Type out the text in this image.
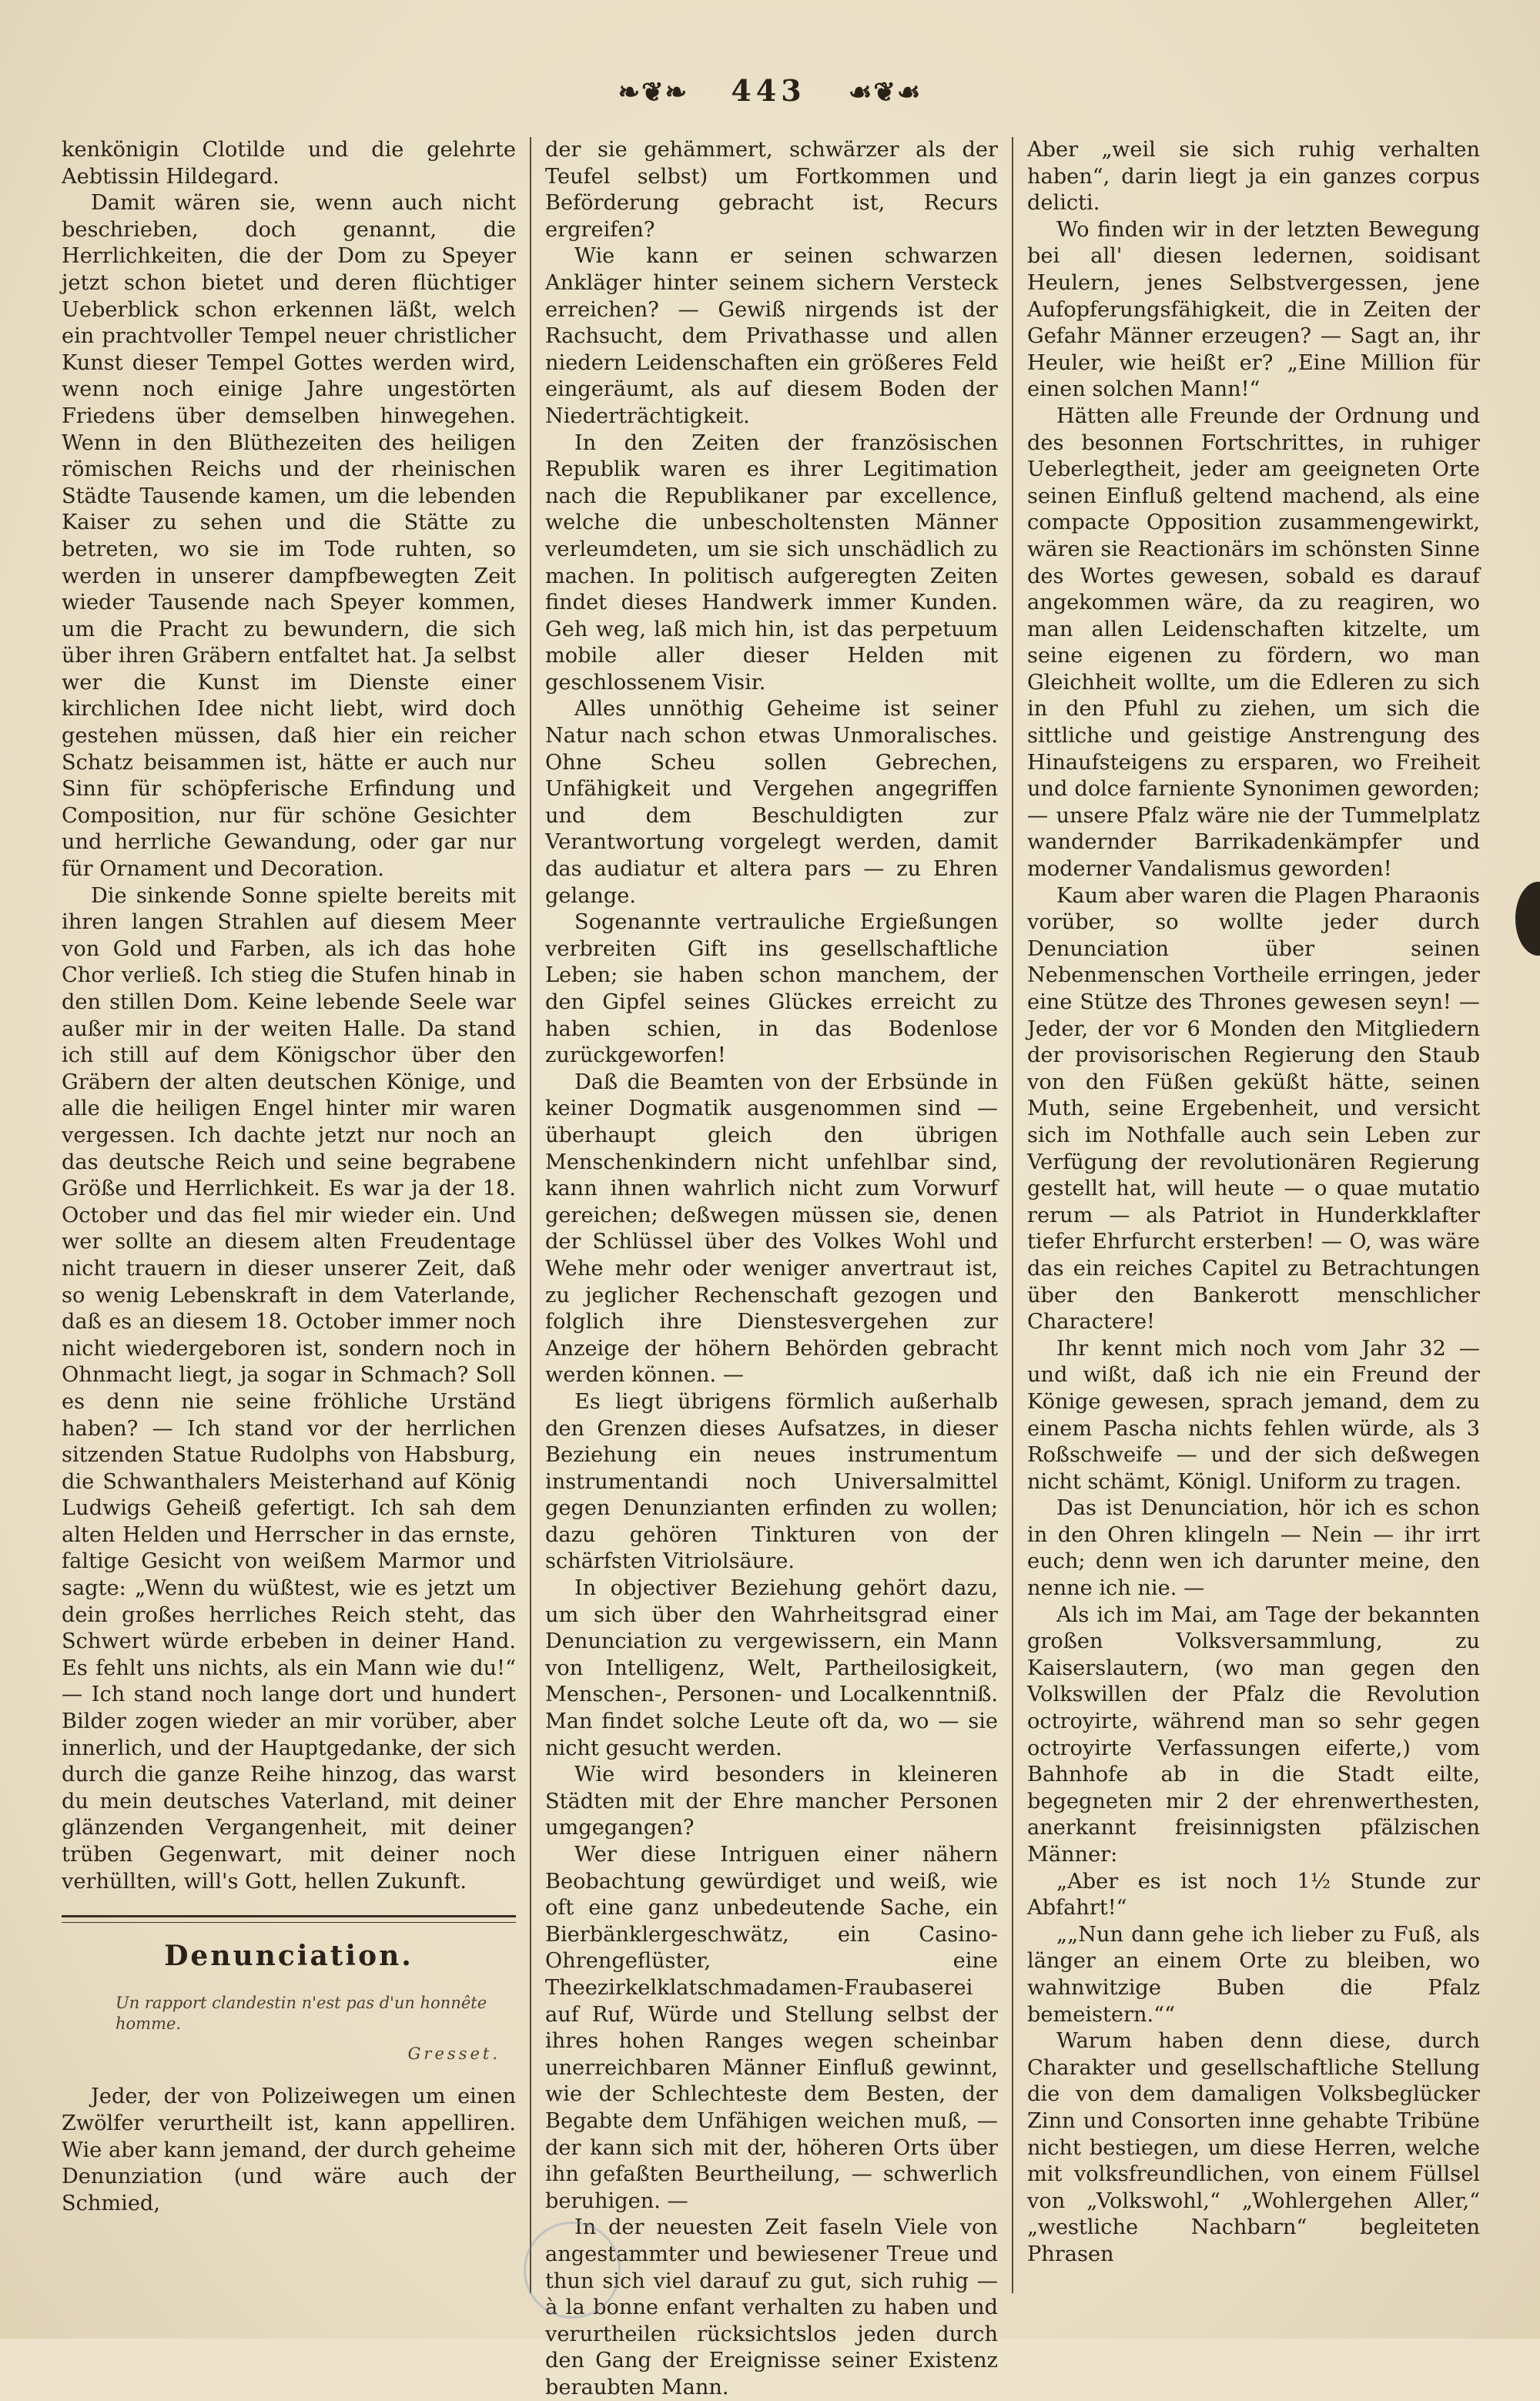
❧❦❧ 443 ☙❦☙

kenkönigin Clotilde und die gelehrte Aebtissin Hildegard.

Damit wären sie, wenn auch nicht beschrieben, doch genannt, die Herrlichkeiten, die der Dom zu Speyer jetzt schon bietet und deren flüchtiger Ueberblick schon erkennen läßt, welch ein prachtvoller Tempel neuer christlicher Kunst dieser Tempel Gottes werden wird, wenn noch einige Jahre ungestörten Friedens über demselben hinwegehen. Wenn in den Blüthezeiten des heiligen römischen Reichs und der rheinischen Städte Tausende kamen, um die lebenden Kaiser zu sehen und die Stätte zu betreten, wo sie im Tode ruhten, so werden in unserer dampfbewegten Zeit wieder Tausende nach Speyer kommen, um die Pracht zu bewundern, die sich über ihren Gräbern entfaltet hat. Ja selbst wer die Kunst im Dienste einer kirchlichen Idee nicht liebt, wird doch gestehen müssen, daß hier ein reicher Schatz beisammen ist, hätte er auch nur Sinn für schöpferische Erfindung und Composition, nur für schöne Gesichter und herrliche Gewandung, oder gar nur für Ornament und Decoration.

Die sinkende Sonne spielte bereits mit ihren langen Strahlen auf diesem Meer von Gold und Farben, als ich das hohe Chor verließ. Ich stieg die Stufen hinab in den stillen Dom. Keine lebende Seele war außer mir in der weiten Halle. Da stand ich still auf dem Königschor über den Gräbern der alten deutschen Könige, und alle die heiligen Engel hinter mir waren vergessen. Ich dachte jetzt nur noch an das deutsche Reich und seine begrabene Größe und Herrlichkeit. Es war ja der 18. October und das fiel mir wieder ein. Und wer sollte an diesem alten Freudentage nicht trauern in dieser unserer Zeit, daß so wenig Lebenskraft in dem Vaterlande, daß es an diesem 18. October immer noch nicht wiedergeboren ist, sondern noch in Ohnmacht liegt, ja sogar in Schmach? Soll es denn nie seine fröhliche Urständ haben? — Ich stand vor der herrlichen sitzenden Statue Rudolphs von Habsburg, die Schwanthalers Meisterhand auf König Ludwigs Geheiß gefertigt. Ich sah dem alten Helden und Herrscher in das ernste, faltige Gesicht von weißem Marmor und sagte: „Wenn du wüßtest, wie es jetzt um dein großes herrliches Reich steht, das Schwert würde erbeben in deiner Hand. Es fehlt uns nichts, als ein Mann wie du!“ — Ich stand noch lange dort und hundert Bilder zogen wieder an mir vorüber, aber innerlich, und der Hauptgedanke, der sich durch die ganze Reihe hinzog, das warst du mein deutsches Vaterland, mit deiner glänzenden Vergangenheit, mit deiner trüben Gegenwart, mit deiner noch verhüllten, will's Gott, hellen Zukunft.

Denunciation.
Un rapport clandestin n'est pas d'un honnête homme.
Gresset.

Jeder, der von Polizeiwegen um einen Zwölfer verurtheilt ist, kann appelliren. Wie aber kann jemand, der durch geheime Denunziation (und wäre auch der Schmied,

der sie gehämmert, schwärzer als der Teufel selbst) um Fortkommen und Beförderung gebracht ist, Recurs ergreifen?

Wie kann er seinen schwarzen Ankläger hinter seinem sichern Versteck erreichen? — Gewiß nirgends ist der Rachsucht, dem Privathasse und allen niedern Leidenschaften ein größeres Feld eingeräumt, als auf diesem Boden der Niederträchtigkeit.

In den Zeiten der französischen Republik waren es ihrer Legitimation nach die Republikaner par excellence, welche die unbescholtensten Männer verleumdeten, um sie sich unschädlich zu machen. In politisch aufgeregten Zeiten findet dieses Handwerk immer Kunden. Geh weg, laß mich hin, ist das perpetuum mobile aller dieser Helden mit geschlossenem Visir.

Alles unnöthig Geheime ist seiner Natur nach schon etwas Unmoralisches. Ohne Scheu sollen Gebrechen, Unfähigkeit und Vergehen angegriffen und dem Beschuldigten zur Verantwortung vorgelegt werden, damit das audiatur et altera pars — zu Ehren gelange.

Sogenannte vertrauliche Ergießungen verbreiten Gift ins gesellschaftliche Leben; sie haben schon manchem, der den Gipfel seines Glückes erreicht zu haben schien, in das Bodenlose zurückgeworfen!

Daß die Beamten von der Erbsünde in keiner Dogmatik ausgenommen sind — überhaupt gleich den übrigen Menschenkindern nicht unfehlbar sind, kann ihnen wahrlich nicht zum Vorwurf gereichen; deßwegen müssen sie, denen der Schlüssel über des Volkes Wohl und Wehe mehr oder weniger anvertraut ist, zu jeglicher Rechenschaft gezogen und folglich ihre Dienstesvergehen zur Anzeige der höhern Behörden gebracht werden können. —

Es liegt übrigens förmlich außerhalb den Grenzen dieses Aufsatzes, in dieser Beziehung ein neues instrumentum instrumentandi noch Universalmittel gegen Denunzianten erfinden zu wollen; dazu gehören Tinkturen von der schärfsten Vitriolsäure.

In objectiver Beziehung gehört dazu, um sich über den Wahrheitsgrad einer Denunciation zu vergewissern, ein Mann von Intelligenz, Welt, Partheilosigkeit, Menschen-, Personen- und Localkenntniß. Man findet solche Leute oft da, wo — sie nicht gesucht werden.

Wie wird besonders in kleineren Städten mit der Ehre mancher Personen umgegangen?

Wer diese Intriguen einer nähern Beobachtung gewürdiget und weiß, wie oft eine ganz unbedeutende Sache, ein Bierbänklergeschwätz, ein Casino-Ohrengeflüster, eine Theezirkelklatschmadamen-Fraubaserei auf Ruf, Würde und Stellung selbst der ihres hohen Ranges wegen scheinbar unerreichbaren Männer Einfluß gewinnt, wie der Schlechteste dem Besten, der Begabte dem Unfähigen weichen muß, — der kann sich mit der, höheren Orts über ihn gefaßten Beurtheilung, — schwerlich beruhigen. —

In der neuesten Zeit faseln Viele von angestammter und bewiesener Treue und thun sich viel darauf zu gut, sich ruhig — à la bonne enfant verhalten zu haben und verurtheilen rücksichtslos jeden durch den Gang der Ereignisse seiner Existenz beraubten Mann.

Aber „weil sie sich ruhig verhalten haben“, darin liegt ja ein ganzes corpus delicti.

Wo finden wir in der letzten Bewegung bei all' diesen ledernen, soidisant Heulern, jenes Selbstvergessen, jene Aufopferungsfähigkeit, die in Zeiten der Gefahr Männer erzeugen? — Sagt an, ihr Heuler, wie heißt er? „Eine Million für einen solchen Mann!“

Hätten alle Freunde der Ordnung und des besonnen Fortschrittes, in ruhiger Ueberlegtheit, jeder am geeigneten Orte seinen Einfluß geltend machend, als eine compacte Opposition zusammengewirkt, wären sie Reactionärs im schönsten Sinne des Wortes gewesen, sobald es darauf angekommen wäre, da zu reagiren, wo man allen Leidenschaften kitzelte, um seine eigenen zu fördern, wo man Gleichheit wollte, um die Edleren zu sich in den Pfuhl zu ziehen, um sich die sittliche und geistige Anstrengung des Hinaufsteigens zu ersparen, wo Freiheit und dolce farniente Synonimen geworden; — unsere Pfalz wäre nie der Tummelplatz wandernder Barrikadenkämpfer und moderner Vandalismus geworden!

Kaum aber waren die Plagen Pharaonis vorüber, so wollte jeder durch Denunciation über seinen Nebenmenschen Vortheile erringen, jeder eine Stütze des Thrones gewesen seyn! — Jeder, der vor 6 Monden den Mitgliedern der provisorischen Regierung den Staub von den Füßen geküßt hätte, seinen Muth, seine Ergebenheit, und versicht sich im Nothfalle auch sein Leben zur Verfügung der revolutionären Regierung gestellt hat, will heute — o quae mutatio rerum — als Patriot in Hunderkklafter tiefer Ehrfurcht ersterben! — O, was wäre das ein reiches Capitel zu Betrachtungen über den Bankerott menschlicher Charactere!

Ihr kennt mich noch vom Jahr 32 — und wißt, daß ich nie ein Freund der Könige gewesen, sprach jemand, dem zu einem Pascha nichts fehlen würde, als 3 Roßschweife — und der sich deßwegen nicht schämt, Königl. Uniform zu tragen.

Das ist Denunciation, hör ich es schon in den Ohren klingeln — Nein — ihr irrt euch; denn wen ich darunter meine, den nenne ich nie. —

Als ich im Mai, am Tage der bekannten großen Volksversammlung, zu Kaiserslautern, (wo man gegen den Volkswillen der Pfalz die Revolution octroyirte, während man so sehr gegen octroyirte Verfassungen eiferte,) vom Bahnhofe ab in die Stadt eilte, begegneten mir 2 der ehrenwerthesten, anerkannt freisinnigsten pfälzischen Männer:

„Aber es ist noch 1½ Stunde zur Abfahrt!“

„„Nun dann gehe ich lieber zu Fuß, als länger an einem Orte zu bleiben, wo wahnwitzige Buben die Pfalz bemeistern.““

Warum haben denn diese, durch Charakter und gesellschaftliche Stellung die von dem damaligen Volksbeglücker Zinn und Consorten inne gehabte Tribüne nicht bestiegen, um diese Herren, welche mit volksfreundlichen, von einem Füllsel von „Volkswohl,“ „Wohlergehen Aller,“ „westliche Nachbarn“ begleiteten Phrasen
